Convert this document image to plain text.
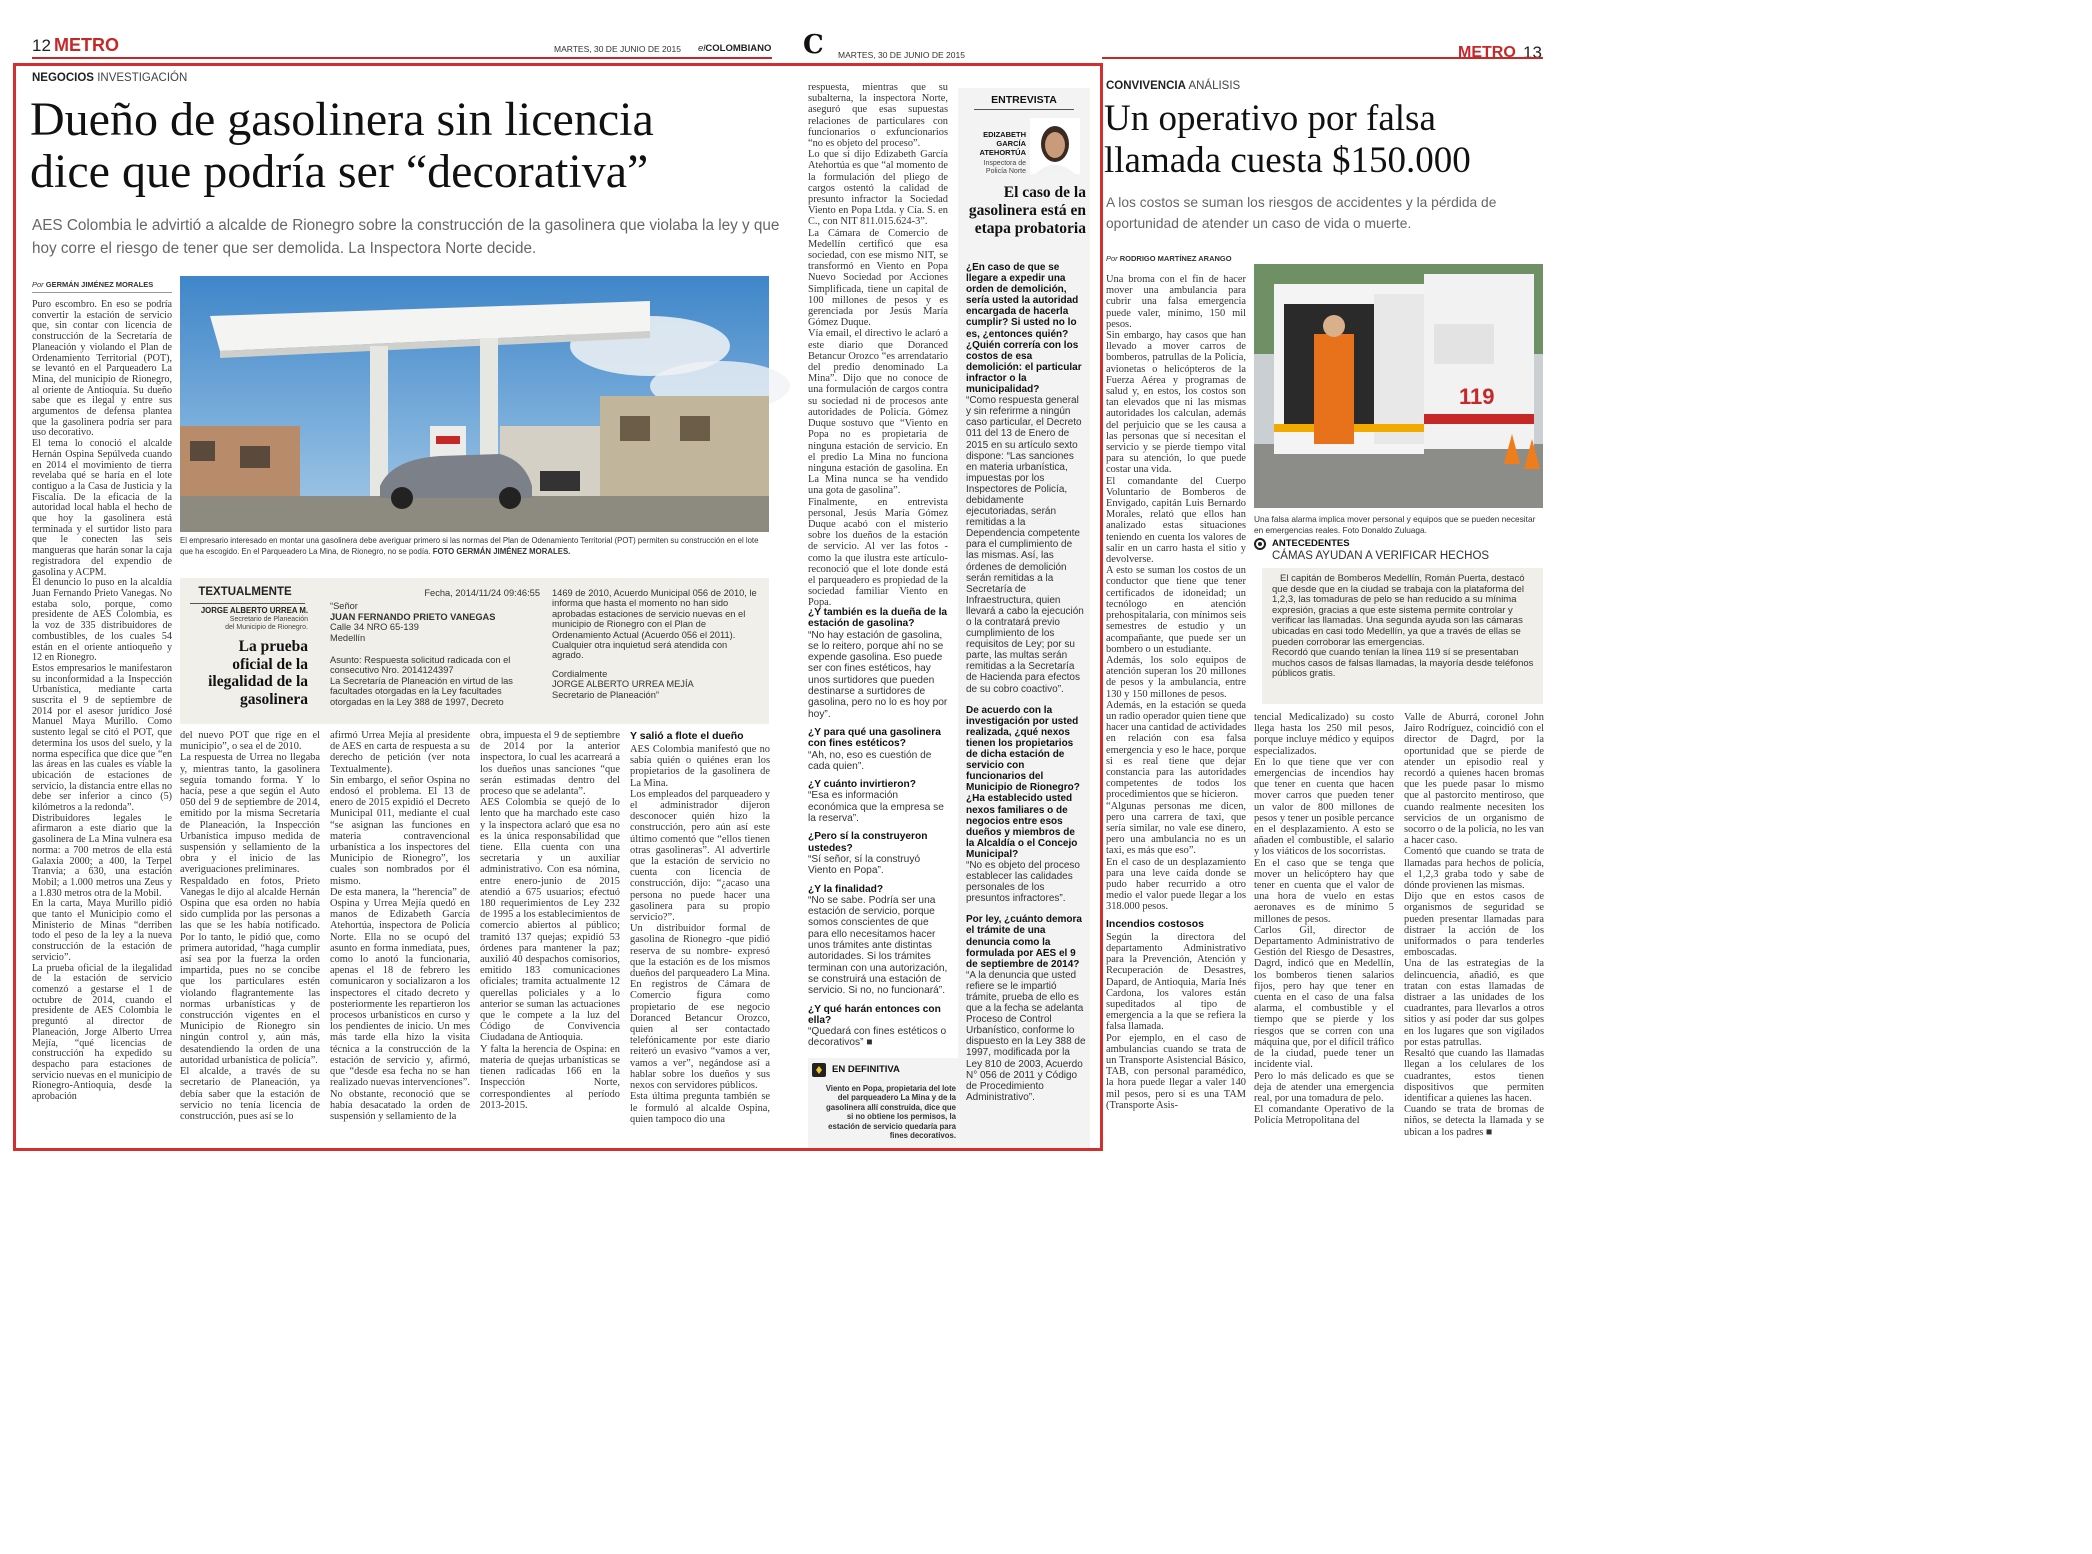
12 METRO	MARTES, 30 DE JUNIO DE 2015 elCOLOMBIANO C MARTES, 30 DE JUNIO DE 2015	METRO 13
NEGOCIOS INVESTIGACIÓN
Dueño de gasolinera sin licencia
dice que podría ser “decorativa”

AES Colombia le advirtió a alcalde de Rionegro sobre la construcción de la gasolinera que violaba la ley y que hoy corre el riesgo de tener que ser demolida. La Inspectora Norte decide.

Por GERMÁN JIMÉNEZ MORALES

El empresario interesado en montar una gasolinera debe averiguar primero si las normas del Plan de Odenamiento Territorial (POT) permiten su construcción en el lote que ha escogido. En el Parqueadero La Mina, de Rionegro, no se podía. FOTO GERMÁN JIMÉNEZ MORALES.

Puro escombro. En eso se podría convertir la estación de servicio que, sin contar con licencia de construcción de la Secretaría de Planeación y violando el Plan de Ordenamiento Territorial (POT), se levantó en el Parqueadero La Mina, del municipio de Rionegro, al oriente de Antioquia. Su dueño sabe que es ilegal y entre sus argumentos de defensa plantea que la gasolinera podría ser para uso decorativo.
El tema lo conoció el alcalde Hernán Ospina Sepúlveda cuando en 2014 el movimiento de tierra revelaba qué se haría en el lote contiguo a la Casa de Justicia y la Fiscalía. De la eficacia de la autoridad local habla el hecho de que hoy la gasolinera está terminada y el surtidor listo para que le conecten las seis mangueras que harán sonar la caja registradora del expendio de gasolina y ACPM.
El denuncio lo puso en la alcaldía Juan Fernando Prieto Vanegas. No estaba solo, porque, como presidente de AES Colombia, es la voz de 335 distribuidores de combustibles, de los cuales 54 están en el oriente antioqueño y 12 en Rionegro.
Estos empresarios le manifestaron su inconformidad a la Inspección Urbanística, mediante carta suscrita el 9 de septiembre de 2014 por el asesor jurídico José Manuel Maya Murillo. Como sustento legal se citó el POT, que determina los usos del suelo, y la norma específica que dice que “en las áreas en las cuales es viable la ubicación de estaciones de servicio, la distancia entre ellas no debe ser inferior a cinco (5) kilómetros a la redonda”.
Distribuidores legales le afirmaron a este diario que la gasolinera de La Mina vulnera esa norma: a 700 metros de ella está Galaxia 2000; a 400, la Terpel Tranvía; a 630, una estación Mobil; a 1.000 metros una Zeus y a 1.830 metros otra de la Mobil.
En la carta, Maya Murillo pidió que tanto el Municipio como el Ministerio de Minas “derriben todo el peso de la ley a la nueva construcción de la estación de servicio”.
La prueba oficial de la ilegalidad de la estación de servicio comenzó a gestarse el 1 de octubre de 2014, cuando el presidente de AES Colombia le preguntó al director de Planeación, Jorge Alberto Urrea Mejía, “qué licencias de construcción ha expedido su despacho para estaciones de servicio nuevas en el municipio de Rionegro-Antioquia, desde la aprobación
TEXTUALMENTE
JORGE ALBERTO URREA M.
Secretario de Planeación del Municipio de Rionegro.
La prueba oficial de la ilegalidad de la gasolinera
Fecha, 2014/11/24 09:46:55
“Señor
JUAN FERNANDO PRIETO VANEGAS
Calle 34 NRO 65-139
Medellín
Asunto: Respuesta solicitud radicada con el consecutivo Nro. 2014124397
La Secretaría de Planeación en virtud de las facultades otorgadas en la Ley facultades otorgadas en la Ley 388 de 1997, Decreto
1469 de 2010, Acuerdo Municipal 056 de 2010, le informa que hasta el momento no han sido aprobadas estaciones de servicio nuevas en el municipio de Rionegro con el Plan de Ordenamiento Actual (Acuerdo 056 el 2011). Cualquier otra inquietud será atendida con agrado.
Cordialmente
JORGE ALBERTO URREA MEJÍA
Secretario de Planeación”
del nuevo POT que rige en el municipio”, o sea el de 2010.
La respuesta de Urrea no llegaba y, mientras tanto, la gasolinera seguía tomando forma. Y lo hacía, pese a que según el Auto 050 del 9 de septiembre de 2014, emitido por la misma Secretaría de Planeación, la Inspección Urbanística impuso medida de suspensión y sellamiento de la obra y el inicio de las averiguaciones preliminares.
Respaldado en fotos, Prieto Vanegas le dijo al alcalde Hernán Ospina que esa orden no había sido cumplida por las personas a las que se les había notificado. Por lo tanto, le pidió que, como primera autoridad, “haga cumplir así sea por la fuerza la orden impartida, pues no se concibe que los particulares estén violando flagrantemente las normas urbanísticas y de construcción vigentes en el Municipio de Rionegro sin ningún control y, aún más, desatendiendo la orden de una autoridad urbanística de policía”.
El alcalde, a través de su secretario de Planeación, ya debía saber que la estación de servicio no tenía licencia de construcción, pues así se lo
afirmó Urrea Mejía al presidente de AES en carta de respuesta a su derecho de petición (ver nota Textualmente).
Sin embargo, el señor Ospina no endosó el problema. El 13 de enero de 2015 expidió el Decreto Municipal 011, mediante el cual “se asignan las funciones en materia contravencional urbanística a los inspectores del Municipio de Rionegro”, los cuales son nombrados por él mismo.
De esta manera, la “herencia” de Ospina y Urrea Mejía quedó en manos de Edizabeth García Atehortúa, inspectora de Policía Norte. Ella no se ocupó del asunto en forma inmediata, pues, como lo anotó la funcionaria, apenas el 18 de febrero les comunicaron y socializaron a los inspectores el citado decreto y posteriormente les repartieron los procesos urbanísticos en curso y los pendientes de inicio. Un mes más tarde ella hizo la visita técnica a la construcción de la estación de servicio y, afirmó, que “desde esa fecha no se han realizado nuevas intervenciones”.
No obstante, reconoció que se había desacatado la orden de suspensión y sellamiento de la
obra, impuesta el 9 de septiembre de 2014 por la anterior inspectora, lo cual les acarreará a los dueños unas sanciones “que serán estimadas dentro del proceso que se adelanta”.
AES Colombia se quejó de lo lento que ha marchado este caso y la inspectora aclaró que esa no es la única responsabilidad que tiene. Ella cuenta con una secretaria y un auxiliar administrativo. Con esa nómina, entre enero-junio de 2015 atendió a 675 usuarios; efectuó 180 requerimientos de Ley 232 de 1995 a los establecimientos de comercio abiertos al público; tramitó 137 quejas; expidió 53 órdenes para mantener la paz; auxilió 40 despachos comisorios, emitido 183 comunicaciones oficiales; tramita actualmente 12 querellas policiales y a lo anterior se suman las actuaciones que le compete a la luz del Código de Convivencia Ciudadana de Antioquia.
Y falta la herencia de Ospina: en materia de quejas urbanísticas se tienen radicadas 166 en la Inspección Norte, correspondientes al período 2013-2015.
Y salió a flote el dueño
AES Colombia manifestó que no sabía quién o quiénes eran los propietarios de la gasolinera de La Mina.
Los empleados del parqueadero y el administrador dijeron desconocer quién hizo la construcción, pero aún así este último comentó que “ellos tienen otras gasolineras”. Al advertirle que la estación de servicio no cuenta con licencia de construcción, dijo: “¿acaso una persona no puede hacer una gasolinera para su propio servicio?”.
Un distribuidor formal de gasolina de Rionegro -que pidió reserva de su nombre- expresó que la estación es de los mismos dueños del parqueadero La Mina. En registros de Cámara de Comercio figura como propietario de ese negocio Doranced Betancur Orozco, quien al ser contactado telefónicamente por este diario reiteró un evasivo “vamos a ver, vamos a ver”, negándose así a hablar sobre los dueños y sus nexos con servidores públicos.
Esta última pregunta también se le formuló al alcalde Ospina, quien tampoco dio una
respuesta, mientras que su subalterna, la inspectora Norte, aseguró que esas supuestas relaciones de particulares con funcionarios o exfuncionarios “no es objeto del proceso”.
Lo que sí dijo Edizabeth García Atehortúa es que “al momento de la formulación del pliego de cargos ostentó la calidad de presunto infractor la Sociedad Viento en Popa Ltda. y Cía. S. en C., con NIT 811.015.624-3”.
La Cámara de Comercio de Medellín certificó que esa sociedad, con ese mismo NIT, se transformó en Viento en Popa Nuevo Sociedad por Acciones Simplificada, tiene un capital de 100 millones de pesos y es gerenciada por Jesús María Gómez Duque.
Vía email, el directivo le aclaró a este diario que Doranced Betancur Orozco “es arrendatario del predio denominado La Mina”. Dijo que no conoce de una formulación de cargos contra su sociedad ni de procesos ante autoridades de Policía. Gómez Duque sostuvo que “Viento en Popa no es propietaria de ninguna estación de servicio. En el predio La Mina no funciona ninguna estación de gasolina. En La Mina nunca se ha vendido una gota de gasolina”.
Finalmente, en entrevista personal, Jesús María Gómez Duque acabó con el misterio sobre los dueños de la estación de servicio. Al ver las fotos -como la que ilustra este artículo- reconoció que el lote donde está el parqueadero es propiedad de la sociedad familiar Viento en Popa.
¿Y también es la dueña de la estación de gasolina?
“No hay estación de gasolina, se lo reitero, porque ahí no se expende gasolina. Eso puede ser con fines estéticos, hay unos surtidores que pueden destinarse a surtidores de gasolina, pero no lo es hoy por hoy”.
¿Y para qué una gasolinera con fines estéticos?
“Ah, no, eso es cuestión de cada quien”.
¿Y cuánto invirtieron?
“Esa es información económica que la empresa se la reserva”.
¿Pero sí la construyeron ustedes?
“Sí señor, sí la construyó Viento en Popa”.
¿Y la finalidad?
“No se sabe. Podría ser una estación de servicio, porque somos conscientes de que para ello necesitamos hacer unos trámites ante distintas autoridades. Si los trámites terminan con una autorización, se construirá una estación de servicio. Si no, no funcionará”.
¿Y qué harán entonces con ella?
“Quedará con fines estéticos o decorativos” ■
EN DEFINITIVA
Viento en Popa, propietaria del lote del parqueadero La Mina y de la gasolinera allí construida, dice que si no obtiene los permisos, la estación de servicio quedaría para fines decorativos.
ENTREVISTA
EDIZABETH GARCÍA ATEHORTÚA
Inspectora de Policía Norte
El caso de la gasolinera está en etapa probatoria
¿En caso de que se llegare a expedir una orden de demolición, sería usted la autoridad encargada de hacerla cumplir? Si usted no lo es, ¿entonces quién? ¿Quién correría con los costos de esa demolición: el particular infractor o la municipalidad?
“Como respuesta general y sin referirme a ningún caso particular, el Decreto 011 del 13 de Enero de 2015 en su artículo sexto dispone: “Las sanciones en materia urbanística, impuestas por los Inspectores de Policía, debidamente ejecutoriadas, serán remitidas a la Dependencia competente para el cumplimiento de las mismas. Así, las órdenes de demolición serán remitidas a la Secretaría de Infraestructura, quien llevará a cabo la ejecución o la contratará previo cumplimiento de los requisitos de Ley; por su parte, las multas serán remitidas a la Secretaría de Hacienda para efectos de su cobro coactivo”.
De acuerdo con la investigación por usted realizada, ¿qué nexos tienen los propietarios de dicha estación de servicio con funcionarios del Municipio de Rionegro? ¿Ha establecido usted nexos familiares o de negocios entre esos dueños y miembros de la Alcaldía o el Concejo Municipal?
“No es objeto del proceso establecer las calidades personales de los presuntos infractores”.
Por ley, ¿cuánto demora el trámite de una denuncia como la formulada por AES el 9 de septiembre de 2014?
“A la denuncia que usted refiere se le impartió trámite, prueba de ello es que a la fecha se adelanta Proceso de Control Urbanístico, conforme lo dispuesto en la Ley 388 de 1997, modificada por la Ley 810 de 2003, Acuerdo N° 056 de 2011 y Código de Procedimiento Administrativo”.
CONVIVENCIA ANÁLISIS
Un operativo por falsa
llamada cuesta $150.000

A los costos se suman los riesgos de accidentes y la pérdida de oportunidad de atender un caso de vida o muerte.

Por RODRIGO MARTÍNEZ ARANGO
Una broma con el fin de hacer mover una ambulancia para cubrir una falsa emergencia puede valer, mínimo, 150 mil pesos.
Sin embargo, hay casos que han llevado a mover carros de bomberos, patrullas de la Policía, avionetas o helicópteros de la Fuerza Aérea y programas de salud y, en estos, los costos son tan elevados que ni las mismas autoridades los calculan, además del perjuicio que se les causa a las personas que sí necesitan el servicio y se pierde tiempo vital para su atención, lo que puede costar una vida.
El comandante del Cuerpo Voluntario de Bomberos de Envigado, capitán Luis Bernardo Morales, relató que ellos han analizado estas situaciones teniendo en cuenta los valores de salir en un carro hasta el sitio y devolverse.
A esto se suman los costos de un conductor que tiene que tener certificados de idoneidad; un tecnólogo en atención prehospitalaria, con mínimos seis semestres de estudio y un acompañante, que puede ser un bombero o un estudiante.
Además, los solo equipos de atención superan los 20 millones de pesos y la ambulancia, entre 130 y 150 millones de pesos.
Además, en la estación se queda un radio operador quien tiene que hacer una cantidad de actividades en relación con esa falsa emergencia y eso le hace, porque si es real tiene que dejar constancia para las autoridades competentes de todos los procedimientos que se hicieron.
“Algunas personas me dicen, pero una carrera de taxi, que sería similar, no vale ese dinero, pero una ambulancia no es un taxi, es más que eso”.
En el caso de un desplazamiento para una leve caída donde se pudo haber recurrido a otro medio el valor puede llegar a los 318.000 pesos.
Incendios costosos
Según la directora del departamento Administrativo para la Prevención, Atención y Recuperación de Desastres, Dapard, de Antioquia, María Inés Cardona, los valores están supeditados al tipo de emergencia a la que se refiera la falsa llamada.
Por ejemplo, en el caso de ambulancias cuando se trata de un Transporte Asistencial Básico, TAB, con personal paramédico, la hora puede llegar a valer 140 mil pesos, pero si es una TAM (Transporte Asis-
119

Una falsa alarma implica mover personal y equipos que se pueden necesitar en emergencias reales. Foto Donaldo Zuluaga.

ANTECEDENTES
CÁMAS AYUDAN A VERIFICAR HECHOS
El capitán de Bomberos Medellín, Román Puerta, destacó que desde que en la ciudad se trabaja con la plataforma del 1,2,3, las tomaduras de pelo se han reducido a su mínima expresión, gracias a que este sistema permite controlar y verificar las llamadas. Una segunda ayuda son las cámaras ubicadas en casi todo Medellín, ya que a través de ellas se pueden corroborar las emergencias.
Recordó que cuando tenían la línea 119 sí se presentaban muchos casos de falsas llamadas, la mayoría desde teléfonos públicos gratis.
tencial Medicalizado) su costo llega hasta los 250 mil pesos, porque incluye médico y equipos especializados.
En lo que tiene que ver con emergencias de incendios hay que tener en cuenta que hacen mover carros que pueden tener un valor de 800 millones de pesos y tener un posible percance en el desplazamiento. A esto se añaden el combustible, el salario y los viáticos de los socorristas.
En el caso que se tenga que mover un helicóptero hay que tener en cuenta que el valor de una hora de vuelo en estas aeronaves es de mínimo 5 millones de pesos.
Carlos Gil, director de Departamento Administrativo de Gestión del Riesgo de Desastres, Dagrd, indicó que en Medellín, los bomberos tienen salarios fijos, pero hay que tener en cuenta en el caso de una falsa alarma, el combustible y el tiempo que se pierde y los riesgos que se corren con una máquina que, por el difícil tráfico de la ciudad, puede tener un incidente vial.
Pero lo más delicado es que se deja de atender una emergencia real, por una tomadura de pelo.
El comandante Operativo de la Policía Metropolitana del
Valle de Aburrá, coronel John Jairo Rodríguez, coincidió con el director de Dagrd, por la oportunidad que se pierde de atender un episodio real y recordó a quienes hacen bromas que les puede pasar lo mismo que al pastorcito mentiroso, que cuando realmente necesiten los servicios de un organismo de socorro o de la policía, no les van a hacer caso.
Comentó que cuando se trata de llamadas para hechos de policía, el 1,2,3 graba todo y sabe de dónde provienen las mismas.
Dijo que en estos casos de organismos de seguridad se pueden presentar llamadas para distraer la acción de los uniformados o para tenderles emboscadas.
Una de las estrategias de la delincuencia, añadió, es que tratan con estas llamadas de distraer a las unidades de los cuadrantes, para llevarlos a otros sitios y así poder dar sus golpes en los lugares que son vigilados por estas patrullas.
Resaltó que cuando las llamadas llegan a los celulares de los cuadrantes, estos tienen dispositivos que permiten identificar a quienes las hacen.
Cuando se trata de bromas de niños, se detecta la llamada y se ubican a los padres ■
